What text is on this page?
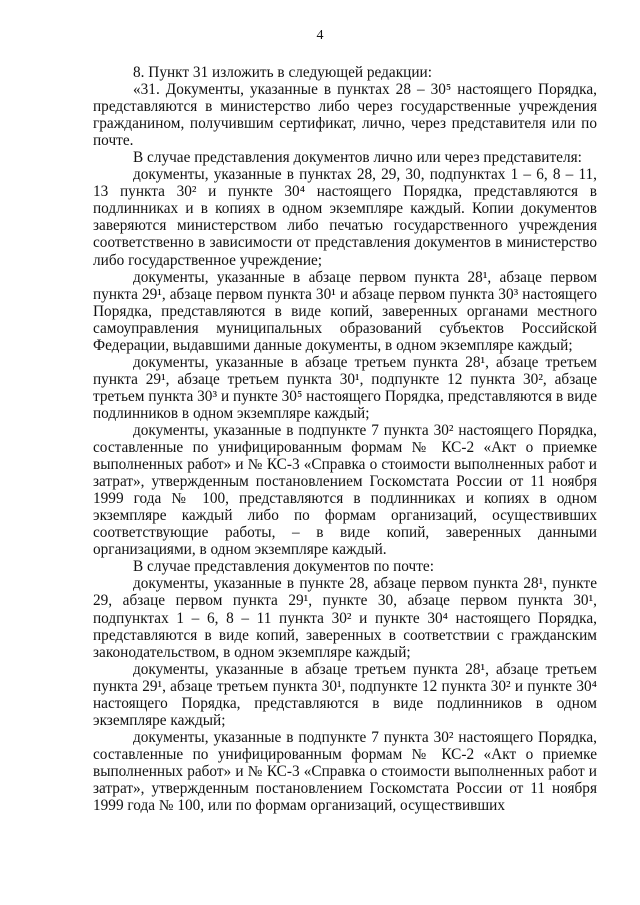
4

8. Пункт 31 изложить в следующей редакции:

«31. Документы, указанные в пунктах 28 – 30⁵ настоящего Порядка, представляются в министерство либо через государственные учреждения гражданином, получившим сертификат, лично, через представителя или по почте.

В случае представления документов лично или через представителя:

документы, указанные в пунктах 28, 29, 30, подпунктах 1 – 6, 8 – 11, 13 пункта 30² и пункте 30⁴ настоящего Порядка, представляются в подлинниках и в копиях в одном экземпляре каждый. Копии документов заверяются министерством либо печатью государственного учреждения соответственно в зависимости от представления документов в министерство либо государственное учреждение;

документы, указанные в абзаце первом пункта 28¹, абзаце первом пункта 29¹, абзаце первом пункта 30¹ и абзаце первом пункта 30³ настоящего Порядка, представляются в виде копий, заверенных органами местного самоуправления муниципальных образований субъектов Российской Федерации, выдавшими данные документы, в одном экземпляре каждый;

документы, указанные в абзаце третьем пункта 28¹, абзаце третьем пункта 29¹, абзаце третьем пункта 30¹, подпункте 12 пункта 30², абзаце третьем пункта 30³ и пункте 30⁵ настоящего Порядка, представляются в виде подлинников в одном экземпляре каждый;

документы, указанные в подпункте 7 пункта 30² настоящего Порядка, составленные по унифицированным формам № КС-2 «Акт о приемке выполненных работ» и № КС-3 «Справка о стоимости выполненных работ и затрат», утвержденным постановлением Госкомстата России от 11 ноября 1999 года № 100, представляются в подлинниках и копиях в одном экземпляре каждый либо по формам организаций, осуществивших соответствующие работы, – в виде копий, заверенных данными организациями, в одном экземпляре каждый.

В случае представления документов по почте:

документы, указанные в пункте 28, абзаце первом пункта 28¹, пункте 29, абзаце первом пункта 29¹, пункте 30, абзаце первом пункта 30¹, подпунктах 1 – 6, 8 – 11 пункта 30² и пункте 30⁴ настоящего Порядка, представляются в виде копий, заверенных в соответствии с гражданским законодательством, в одном экземпляре каждый;

документы, указанные в абзаце третьем пункта 28¹, абзаце третьем пункта 29¹, абзаце третьем пункта 30¹, подпункте 12 пункта 30² и пункте 30⁴ настоящего Порядка, представляются в виде подлинников в одном экземпляре каждый;

документы, указанные в подпункте 7 пункта 30² настоящего Порядка, составленные по унифицированным формам № КС-2 «Акт о приемке выполненных работ» и № КС-3 «Справка о стоимости выполненных работ и затрат», утвержденным постановлением Госкомстата России от 11 ноября 1999 года № 100, или по формам организаций, осуществивших
